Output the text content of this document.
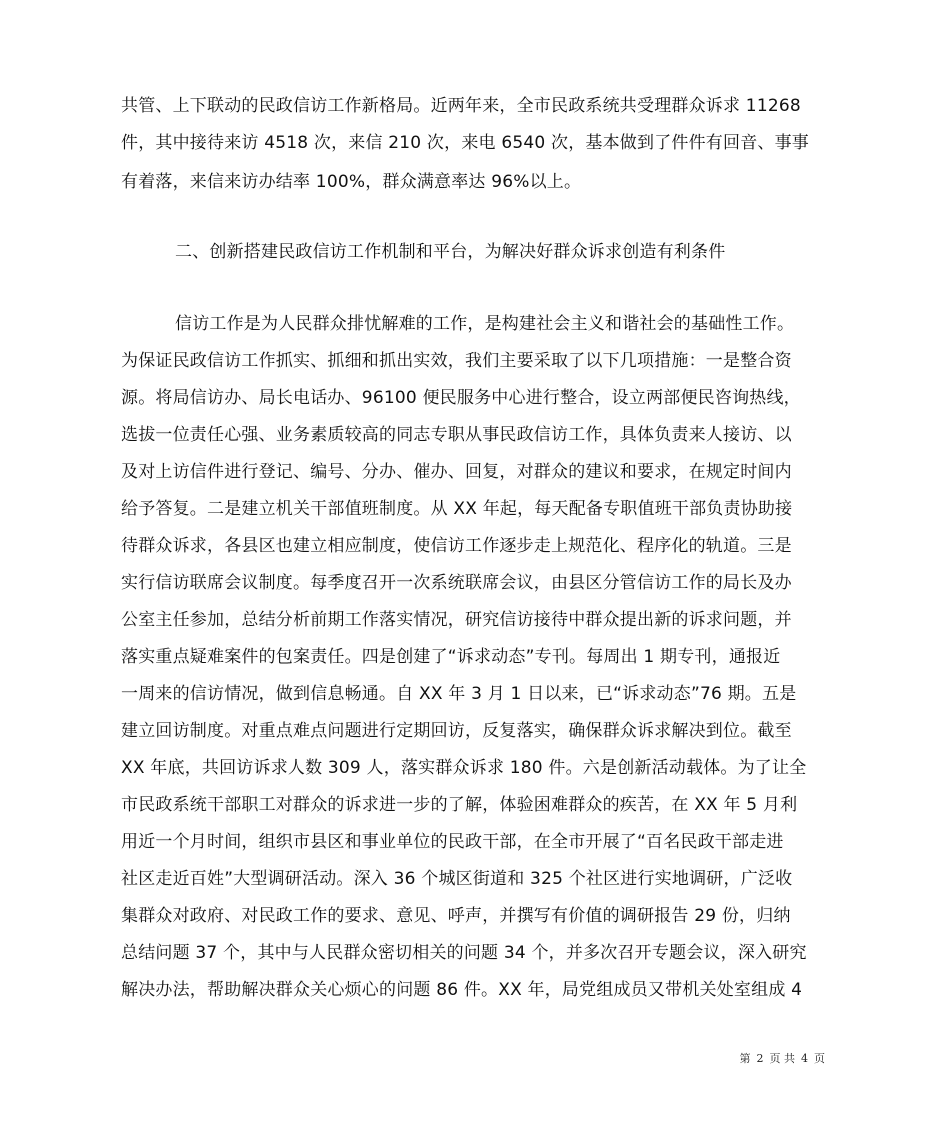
共管、上下联动的民政信访工作新格局。近两年来，全市民政系统共受理群众诉求 11268
件，其中接待来访 4518 次，来信 210 次，来电 6540 次，基本做到了件件有回音、事事
有着落，来信来访办结率 100%，群众满意率达 96%以上。
二、创新搭建民政信访工作机制和平台，为解决好群众诉求创造有利条件
信访工作是为人民群众排忧解难的工作，是构建社会主义和谐社会的基础性工作。
为保证民政信访工作抓实、抓细和抓出实效，我们主要采取了以下几项措施：一是整合资
源。将局信访办、局长电话办、96100 便民服务中心进行整合，设立两部便民咨询热线，
选拔一位责任心强、业务素质较高的同志专职从事民政信访工作，具体负责来人接访、以
及对上访信件进行登记、编号、分办、催办、回复，对群众的建议和要求，在规定时间内
给予答复。二是建立机关干部值班制度。从 XX 年起，每天配备专职值班干部负责协助接
待群众诉求，各县区也建立相应制度，使信访工作逐步走上规范化、程序化的轨道。三是
实行信访联席会议制度。每季度召开一次系统联席会议，由县区分管信访工作的局长及办
公室主任参加，总结分析前期工作落实情况，研究信访接待中群众提出新的诉求问题，并
落实重点疑难案件的包案责任。四是创建了“诉求动态”专刊。每周出 1 期专刊，通报近
一周来的信访情况，做到信息畅通。自 XX 年 3 月 1 日以来，已“诉求动态”76 期。五是
建立回访制度。对重点难点问题进行定期回访，反复落实，确保群众诉求解决到位。截至
XX 年底，共回访诉求人数 309 人，落实群众诉求 180 件。六是创新活动载体。为了让全
市民政系统干部职工对群众的诉求进一步的了解，体验困难群众的疾苦，在 XX 年 5 月利
用近一个月时间，组织市县区和事业单位的民政干部，在全市开展了“百名民政干部走进
社区走近百姓”大型调研活动。深入 36 个城区街道和 325 个社区进行实地调研，广泛收
集群众对政府、对民政工作的要求、意见、呼声，并撰写有价值的调研报告 29 份，归纳
总结问题 37 个，其中与人民群众密切相关的问题 34 个，并多次召开专题会议，深入研究
解决办法，帮助解决群众关心烦心的问题 86 件。XX 年，局党组成员又带机关处室组成 4
第 2 页 共 4 页
